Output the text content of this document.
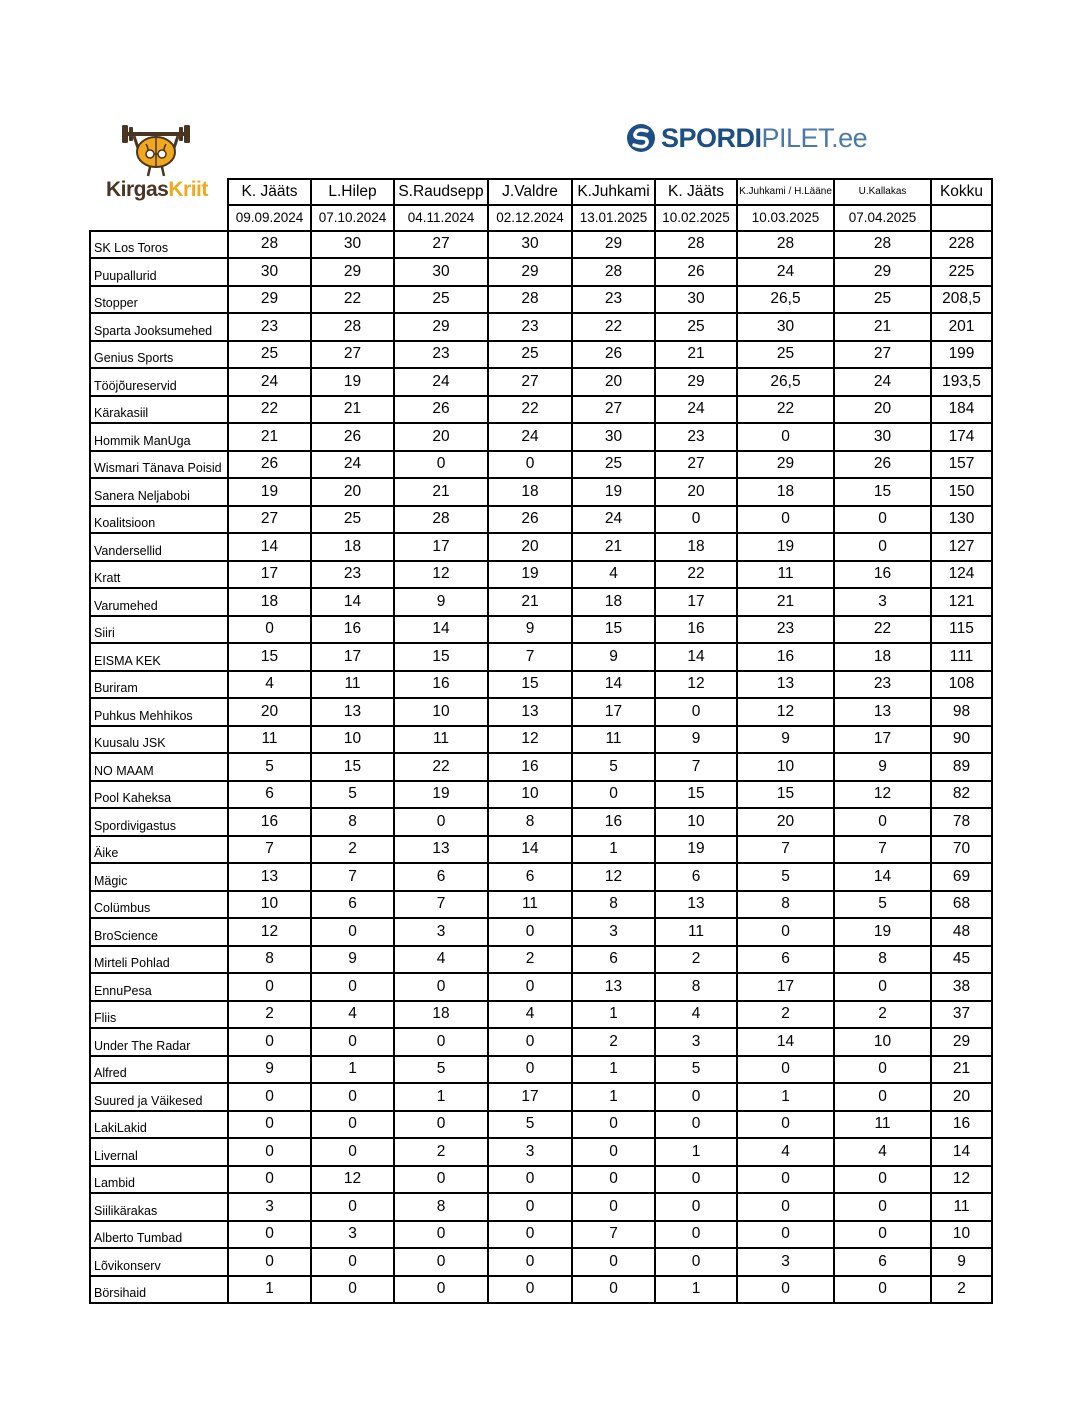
KirgasKriit
SPORDIPILET.ee
	K. Jääts	L.Hilep	S.Raudsepp	J.Valdre	K.Juhkami	K. Jääts	K.Juhkami / H.Lääne	U.Kallakas	Kokku
	09.09.2024	07.10.2024	04.11.2024	02.12.2024	13.01.2025	10.02.2025	10.03.2025	07.04.2025	
SK Los Toros	28	30	27	30	29	28	28	28	228
Puupallurid	30	29	30	29	28	26	24	29	225
Stopper	29	22	25	28	23	30	26,5	25	208,5
Sparta Jooksumehed	23	28	29	23	22	25	30	21	201
Genius Sports	25	27	23	25	26	21	25	27	199
Tööjõureservid	24	19	24	27	20	29	26,5	24	193,5
Kärakasiil	22	21	26	22	27	24	22	20	184
Hommik ManUga	21	26	20	24	30	23	0	30	174
Wismari Tänava Poisid	26	24	0	0	25	27	29	26	157
Sanera Neljabobi	19	20	21	18	19	20	18	15	150
Koalitsioon	27	25	28	26	24	0	0	0	130
Vandersellid	14	18	17	20	21	18	19	0	127
Kratt	17	23	12	19	4	22	11	16	124
Varumehed	18	14	9	21	18	17	21	3	121
Siiri	0	16	14	9	15	16	23	22	115
EISMA KEK	15	17	15	7	9	14	16	18	111
Buriram	4	11	16	15	14	12	13	23	108
Puhkus Mehhikos	20	13	10	13	17	0	12	13	98
Kuusalu JSK	11	10	11	12	11	9	9	17	90
NO MAAM	5	15	22	16	5	7	10	9	89
Pool Kaheksa	6	5	19	10	0	15	15	12	82
Spordivigastus	16	8	0	8	16	10	20	0	78
Äike	7	2	13	14	1	19	7	7	70
Mägic	13	7	6	6	12	6	5	14	69
Colümbus	10	6	7	11	8	13	8	5	68
BroScience	12	0	3	0	3	11	0	19	48
Mirteli Pohlad	8	9	4	2	6	2	6	8	45
EnnuPesa	0	0	0	0	13	8	17	0	38
Fliis	2	4	18	4	1	4	2	2	37
Under The Radar	0	0	0	0	2	3	14	10	29
Alfred	9	1	5	0	1	5	0	0	21
Suured ja Väikesed	0	0	1	17	1	0	1	0	20
LakiLakid	0	0	0	5	0	0	0	11	16
Livernal	0	0	2	3	0	1	4	4	14
Lambid	0	12	0	0	0	0	0	0	12
Siilikärakas	3	0	8	0	0	0	0	0	11
Alberto Tumbad	0	3	0	0	7	0	0	0	10
Lõvikonserv	0	0	0	0	0	0	3	6	9
Börsihaid	1	0	0	0	0	1	0	0	2
